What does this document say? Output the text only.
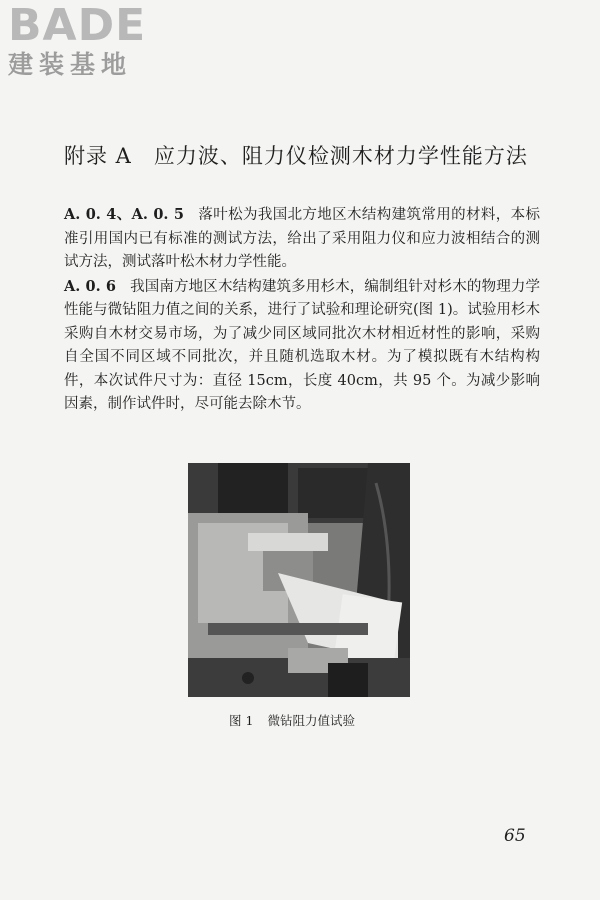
BADE
建装基地
附录 A　应力波、阻力仪检测木材力学性能方法

A. 0. 4、A. 0. 5 落叶松为我国北方地区木结构建筑常用的材料，本标准引用国内已有标准的测试方法，给出了采用阻力仪和应力波相结合的测试方法，测试落叶松木材力学性能。

A. 0. 6 我国南方地区木结构建筑多用杉木，编制组针对杉木的物理力学性能与微钻阻力值之间的关系，进行了试验和理论研究(图 1)。试验用杉木采购自木材交易市场，为了减少同区域同批次木材相近材性的影响，采购自全国不同区域不同批次，并且随机选取木材。为了模拟既有木结构构件，本次试件尺寸为：直径 15cm，长度 40cm，共 95 个。为减少影响因素，制作试件时，尽可能去除木节。

图 1 微钻阻力值试验
65
